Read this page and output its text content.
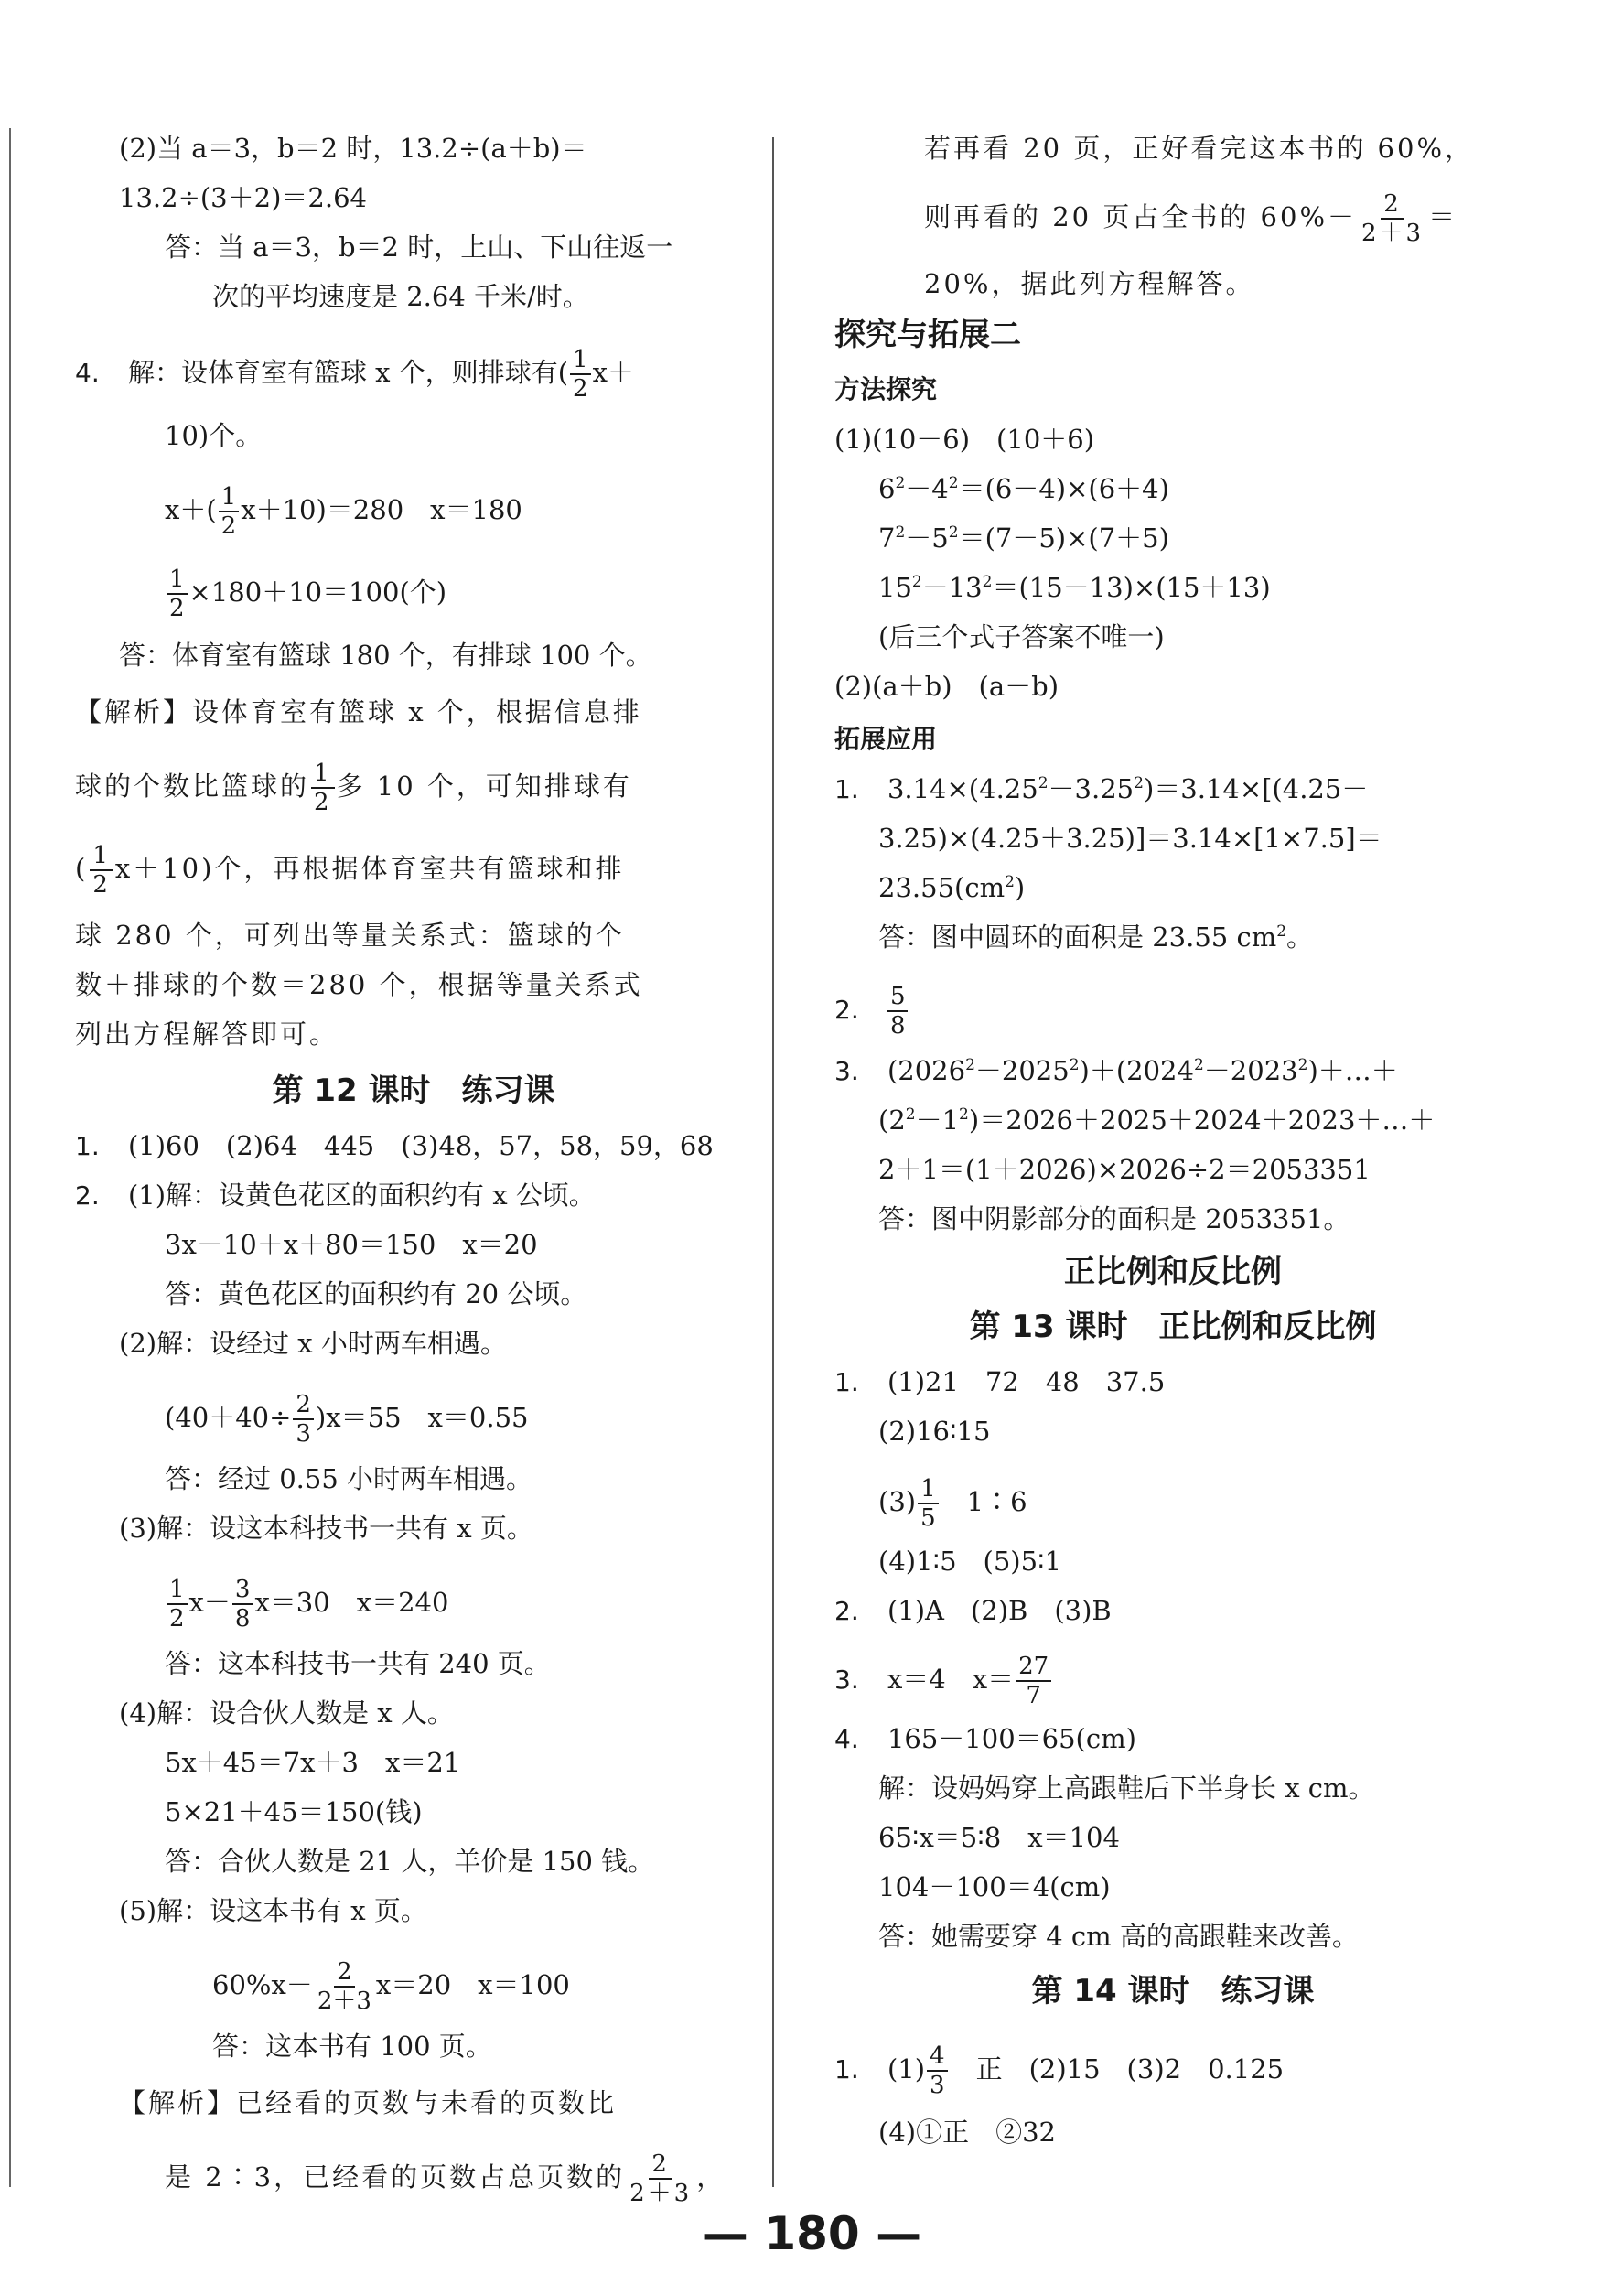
(2)当 a＝3，b＝2 时，13.2÷(a＋b)＝
13.2÷(3＋2)＝2.64
答：当 a＝3，b＝2 时，上山、下山往返一
次的平均速度是 2.64 千米/时。
4. 解：设体育室有篮球 x 个，则排球有( $\frac{1}{2} x+$
10)个。
$x+( \frac{1}{2} x+10)=280$　x＝180
$\frac{1}{2} \times 180+10=100$(个)
答：体育室有篮球 180 个，有排球 100 个。
【解析】设体育室有篮球 x 个，根据信息排
球的个数比篮球的 $\frac{1}{2}$ 多 10 个，可知排球有
( $\frac{1}{2} x+10$)个，再根据体育室共有篮球和排
球 280 个，可列出等量关系式：篮球的个
数＋排球的个数＝280 个，根据等量关系式
列出方程解答即可。
第 12 课时　练习课
1. (1)60　(2)64　445　(3)48，57，58，59，68
2. (1)解：设黄色花区的面积约有 x 公顷。
3x－10＋x＋80＝150　x＝20
答：黄色花区的面积约有 20 公顷。
(2)解：设经过 x 小时两车相遇。
$(40+40\div \frac{2}{3} )x=55$　x＝0.55
答：经过 0.55 小时两车相遇。
(3)解：设这本科技书一共有 x 页。
$\frac{1}{2} x- \frac{3}{8} x=30$　x＝240
答：这本科技书一共有 240 页。
(4)解：设合伙人数是 x 人。
5x＋45＝7x＋3　x＝21
5×21＋45＝150(钱)
答：合伙人数是 21 人，羊价是 150 钱。
(5)解：设这本书有 x 页。
$60\%x- \frac{2}{2+3} x=20$　x＝100
答：这本书有 100 页。
【解析】已经看的页数与未看的页数比
是 2∶3，已经看的页数占总页数的 $\frac{2}{2+3}$ ，
若再看 20 页，正好看完这本书的 60%，
则再看的 20 页占全书的 $60\%- \frac{2}{2+3}$ ＝
20%，据此列方程解答。
探究与拓展二
方法探究
(1)(10－6)　(10＋6)
$6^2-4^2=(6-4)\times(6+4)$
$7^2-5^2=(7-5)\times(7+5)$
$15^2-13^2=(15-13)\times(15+13)$
(后三个式子答案不唯一)
(2)(a＋b)　(a－b)
拓展应用
1. $3.14\times(4.25^2-3.25^2)=3.14\times[(4.25-$
3.25)×(4.25＋3.25)]＝3.14×[1×7.5]＝
$23.55(cm^2)$
答：图中圆环的面积是 23.55 $cm^2$。
2. $\frac{5}{8}$
3. $(2026^2-2025^2)+(2024^2-2023^2)+\dots+$
$(2^2-1^2)=2026+2025+2024+2023+\dots+$
2＋1＝(1＋2026)×2026÷2＝2053351
答：图中阴影部分的面积是 2053351。
正比例和反比例
第 13 课时　正比例和反比例
1. (1)21　72　48　37.5
(2)16∶15
$(3) \frac{1}{5}$ 　1∶6
(4)1∶5　(5)5∶1
2. (1)A　(2)B　(3)B
3. x＝4　$x= \frac{27}{7}$
4. 165－100＝65(cm)
解：设妈妈穿上高跟鞋后下半身长 x cm。
65∶x＝5∶8　x＝104
104－100＝4(cm)
答：她需要穿 4 cm 高的高跟鞋来改善。
第 14 课时　练习课
1. $(1) \frac{4}{3}$ 　正　(2)15　(3)2　0.125
(4)①正　②32
— 180 —
